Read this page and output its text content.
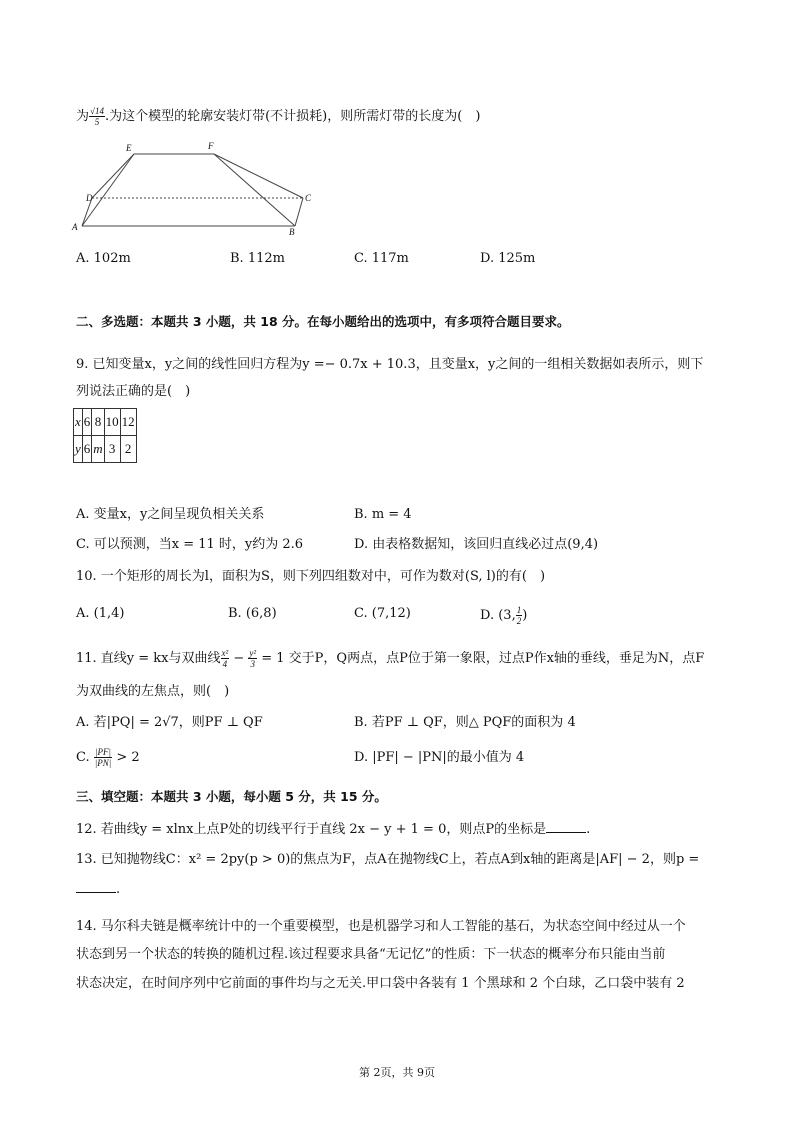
为 $\frac{√14}{5}$ .为这个模型的轮廓安装灯带(不计损耗)，则所需灯带的长度为(　)
E	F
D	C
A	B
A. 102m	B. 112m	C. 117m	D. 125m
二、多选题：本题共 3 小题，共 18 分。在每小题给出的选项中，有多项符合题目要求。
9. 已知变量x，y之间的线性回归方程为y =− 0.7x + 10.3，且变量x，y之间的一组相关数据如表所示，则下
列说法正确的是(　)
x	6	8	10	12
y	6	m	3	2
A. 变量x，y之间呈现负相关关系	B. m = 4
C. 可以预测，当x = 11 时，y约为 2.6	D. 由表格数据知，该回归直线必过点(9,4)
10. 一个矩形的周长为l，面积为S，则下列四组数对中，可作为数对(S, l)的有(　)
A. (1,4)	B. (6,8)	C. (7,12)	D. (3, $\frac{1}{2}$ )
11. 直线y = kx与双曲线 $\frac{\text{x²}}{4} - \frac{\text{y²}}{3} = 1$ 交于P，Q两点，点P位于第一象限，过点P作x轴的垂线，垂足为N，点F
为双曲线的左焦点，则(　)
A. 若|PQ| = 2√7，则PF ⊥ QF	B. 若PF ⊥ QF，则△ PQF的面积为 4
C. $\frac{|PF|}{|PN|} > 2$	D. |PF| − |PN|的最小值为 4
三、填空题：本题共 3 小题，每小题 5 分，共 15 分。
12. 若曲线y = xlnx上点P处的切线平行于直线 2x − y + 1 = 0，则点P的坐标是	.
13. 已知抛物线C：x² = 2py(p > 0)的焦点为F，点A在抛物线C上，若点A到x轴的距离是|AF| − 2，则p =
.
14. 马尔科夫链是概率统计中的一个重要模型，也是机器学习和人工智能的基石，为状态空间中经过从一个
状态到另一个状态的转换的随机过程.该过程要求具备“无记忆”的性质：下一状态的概率分布只能由当前
状态决定，在时间序列中它前面的事件均与之无关.甲口袋中各装有 1 个黑球和 2 个白球，乙口袋中装有 2
第 2页，共 9页
